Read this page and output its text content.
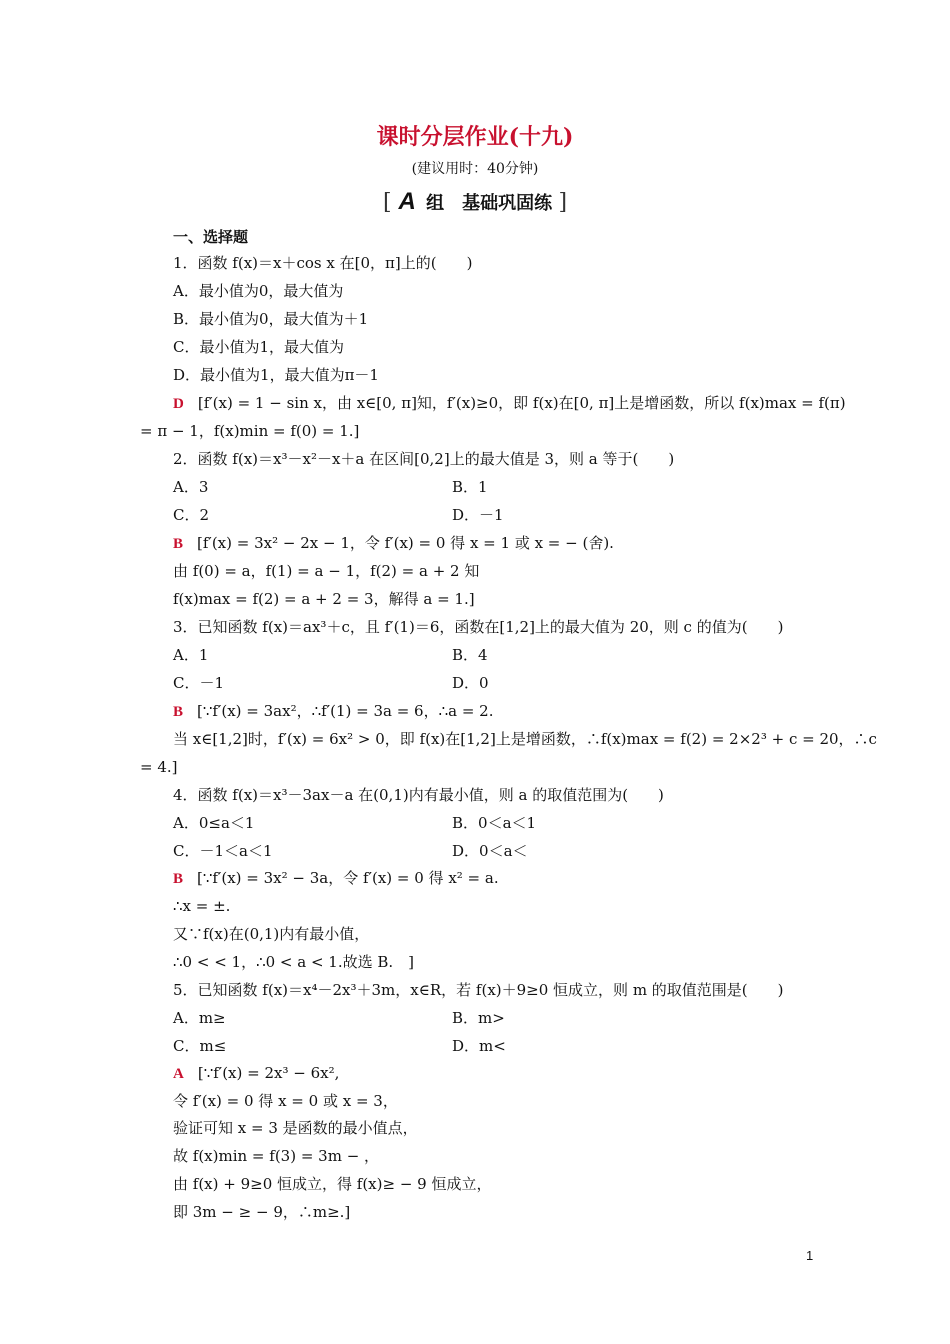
课时分层作业(十九)
(建议用时：40分钟)
[ A 组　基础巩固练 ]
一、选择题
1．函数 f(x)＝x＋cos x 在[0，π]上的(　　)
A．最小值为0，最大值为
B．最小值为0，最大值为＋1
C．最小值为1，最大值为
D．最小值为1，最大值为π－1
D [f′(x) = 1 − sin x，由 x∈[0, π]知，f′(x)≥0，即 f(x)在[0, π]上是增函数，所以 f(x)max = f(π)
= π − 1，f(x)min = f(0) = 1.]
2．函数 f(x)＝x³－x²－x＋a 在区间[0,2]上的最大值是 3，则 a 等于(　　)
A．3	B．1
C．2	D．－1
B [f′(x) = 3x² − 2x − 1，令 f′(x) = 0 得 x = 1 或 x = − (舍).
由 f(0) = a，f(1) = a − 1，f(2) = a + 2 知
f(x)max = f(2) = a + 2 = 3，解得 a = 1.]
3．已知函数 f(x)＝ax³＋c，且 f′(1)＝6，函数在[1,2]上的最大值为 20，则 c 的值为(　　)
A．1	B．4
C．－1	D．0
B [∵f′(x) = 3ax²，∴f′(1) = 3a = 6，∴a = 2.
当 x∈[1,2]时，f′(x) = 6x² > 0，即 f(x)在[1,2]上是增函数，∴f(x)max = f(2) = 2×2³ + c = 20，∴c
= 4.]
4．函数 f(x)＝x³－3ax－a 在(0,1)内有最小值，则 a 的取值范围为(　　)
A．0≤a＜1	B．0＜a＜1
C．－1＜a＜1	D．0＜a＜
B [∵f′(x) = 3x² − 3a，令 f′(x) = 0 得 x² = a.
∴x = ±.
又∵f(x)在(0,1)内有最小值，
∴0 < < 1，∴0 < a < 1.故选 B.　]
5．已知函数 f(x)＝x⁴－2x³＋3m，x∈R，若 f(x)＋9≥0 恒成立，则 m 的取值范围是(　　)
A．m≥	B．m>
C．m≤	D．m<
A [∵f′(x) = 2x³ − 6x²,
令 f′(x) = 0 得 x = 0 或 x = 3，
验证可知 x = 3 是函数的最小值点，
故 f(x)min = f(3) = 3m − ，
由 f(x) + 9≥0 恒成立，得 f(x)≥ − 9 恒成立，
即 3m − ≥ − 9，∴m≥.]
1
